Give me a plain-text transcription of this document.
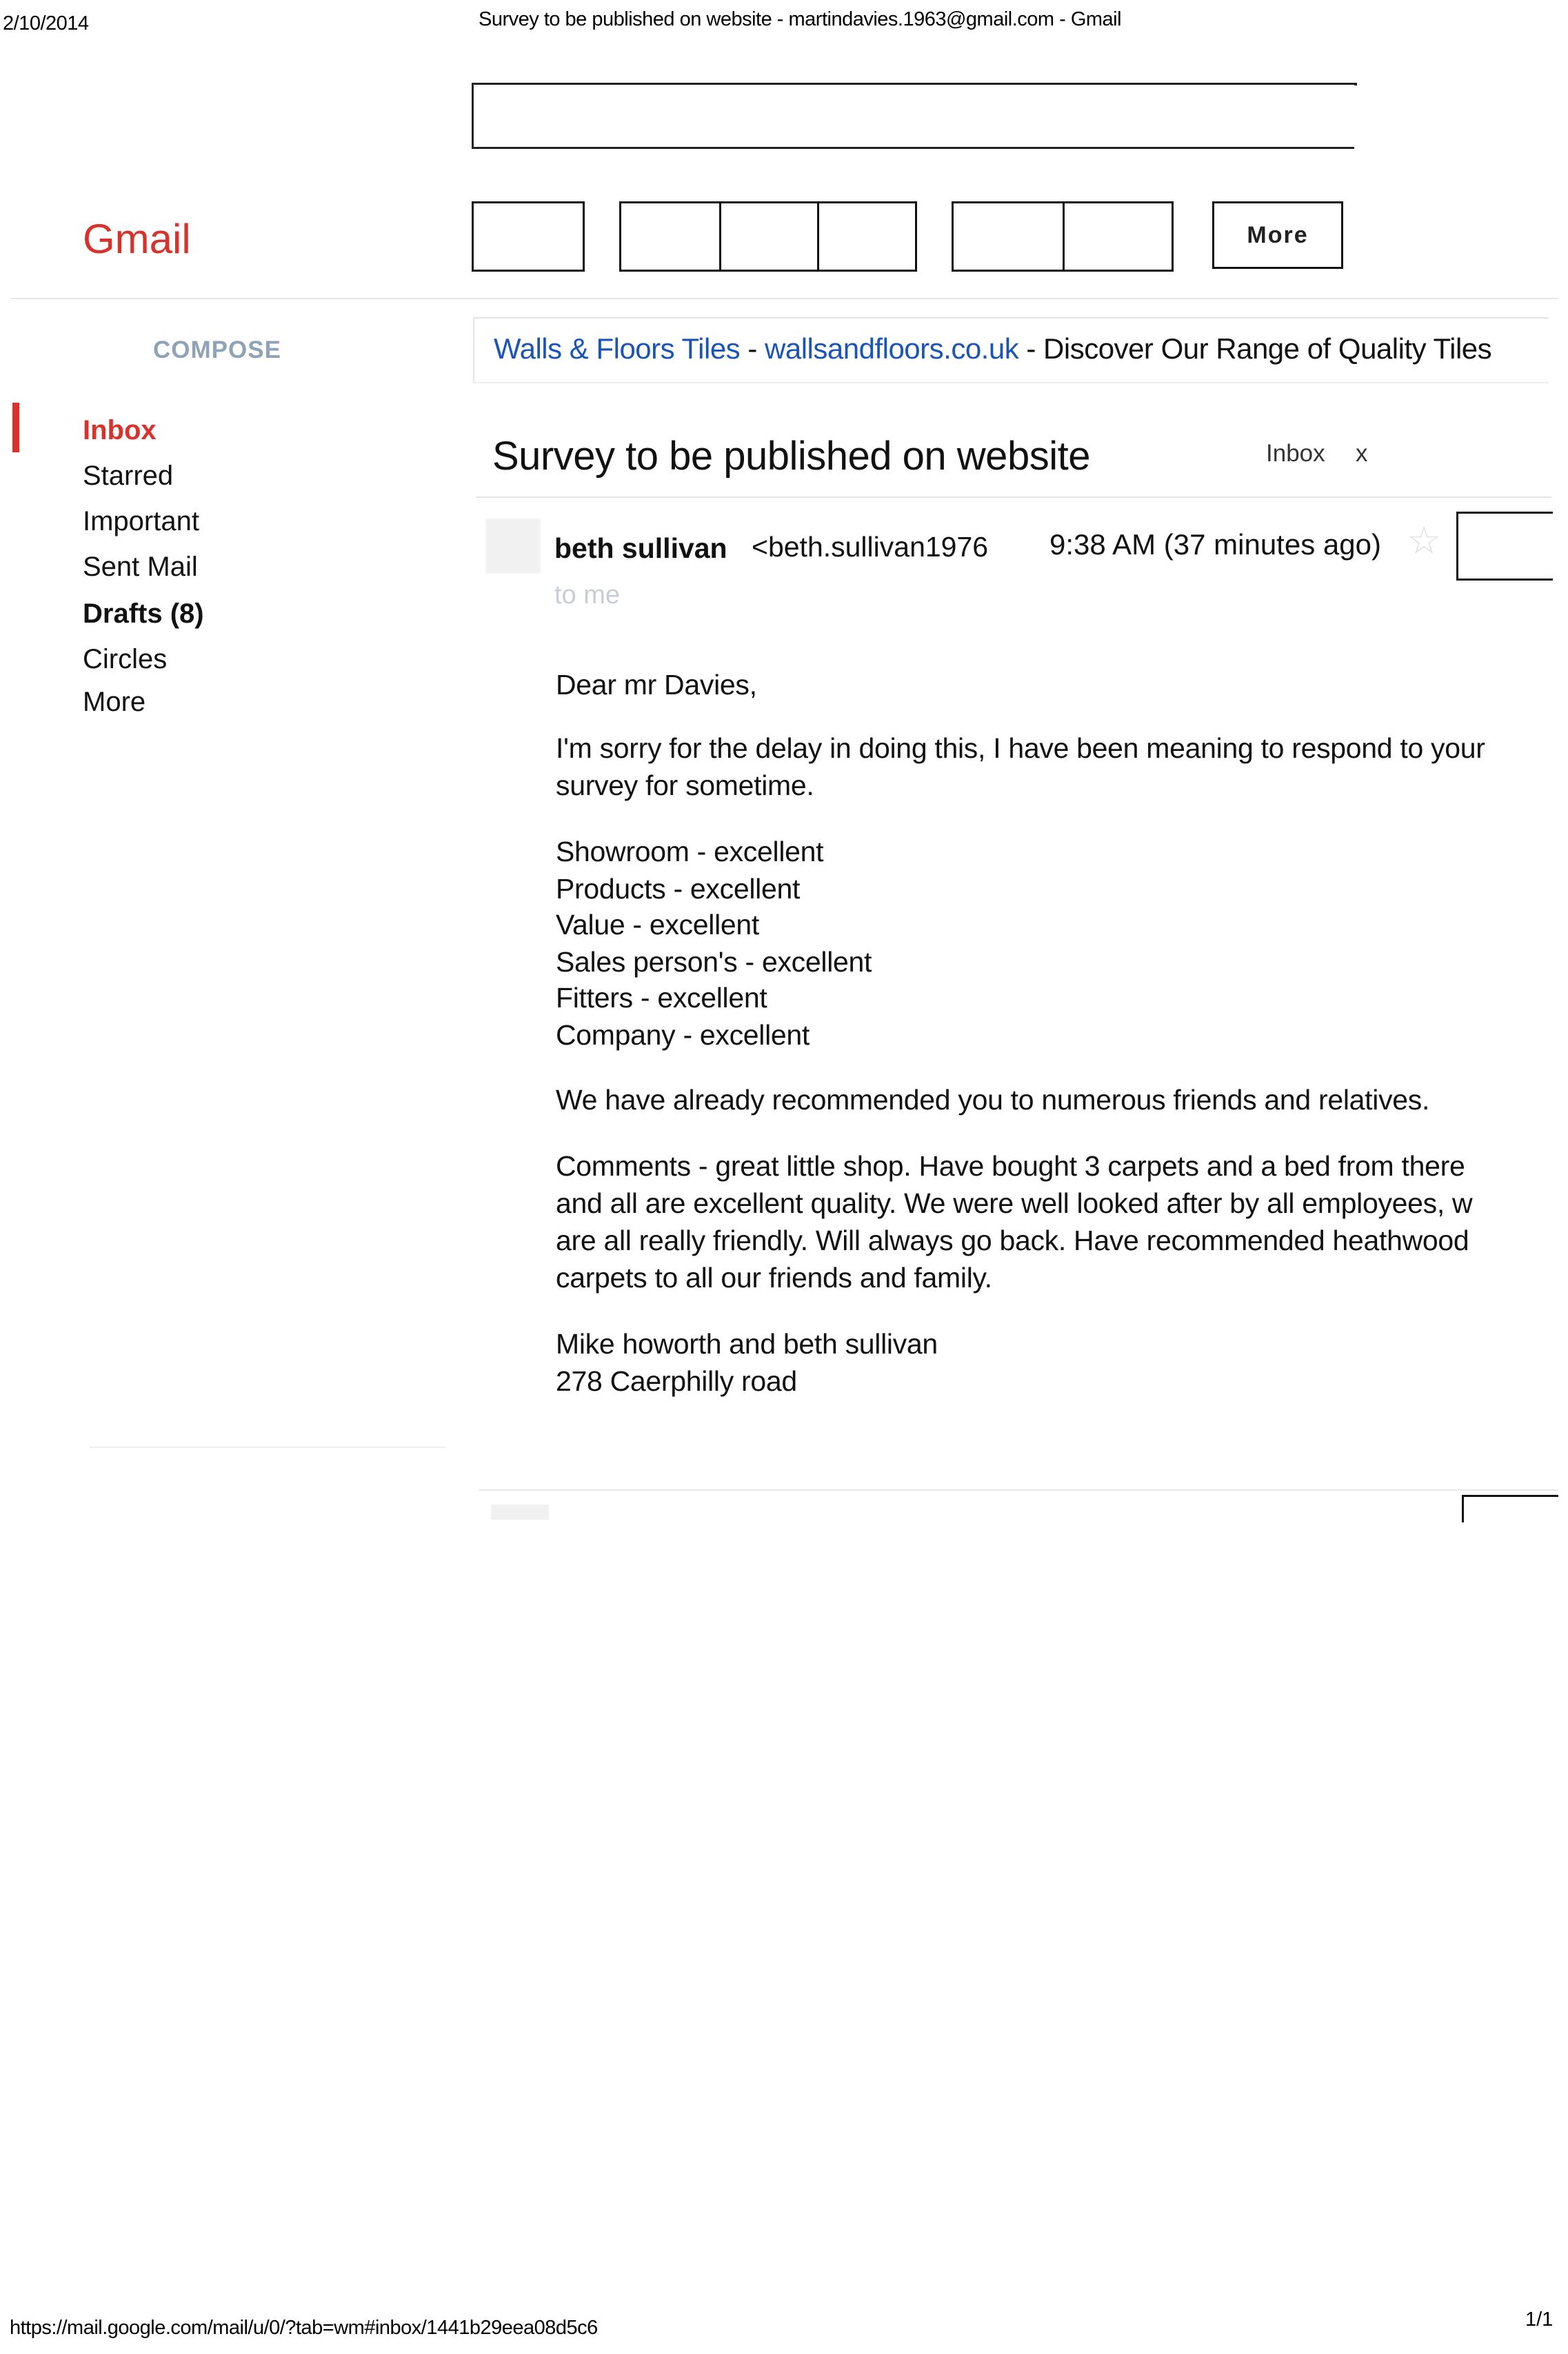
2/10/2014	Survey to be published on website - martindavies.1963@gmail.com - Gmail
Gmail	More
COMPOSE
Inbox
Starred
Important
Sent Mail
Drafts (8)
Circles
More
Walls & Floors Tiles - wallsandfloors.co.uk - Discover Our Range of Quality Tiles
Survey to be published on website	Inbox x
beth sullivan <beth.sullivan1976 9:38 AM (37 minutes ago) ☆
to me
Dear mr Davies,
I'm sorry for the delay in doing this, I have been meaning to respond to your
survey for sometime.
Showroom - excellent
Products - excellent
Value - excellent
Sales person's - excellent
Fitters - excellent
Company - excellent
We have already recommended you to numerous friends and relatives.
Comments - great little shop. Have bought 3 carpets and a bed from there
and all are excellent quality. We were well looked after by all employees, w
are all really friendly. Will always go back. Have recommended heathwood
carpets to all our friends and family.
Mike howorth and beth sullivan
278 Caerphilly road
https://mail.google.com/mail/u/0/?tab=wm#inbox/1441b29eea08d5c6	1/1
